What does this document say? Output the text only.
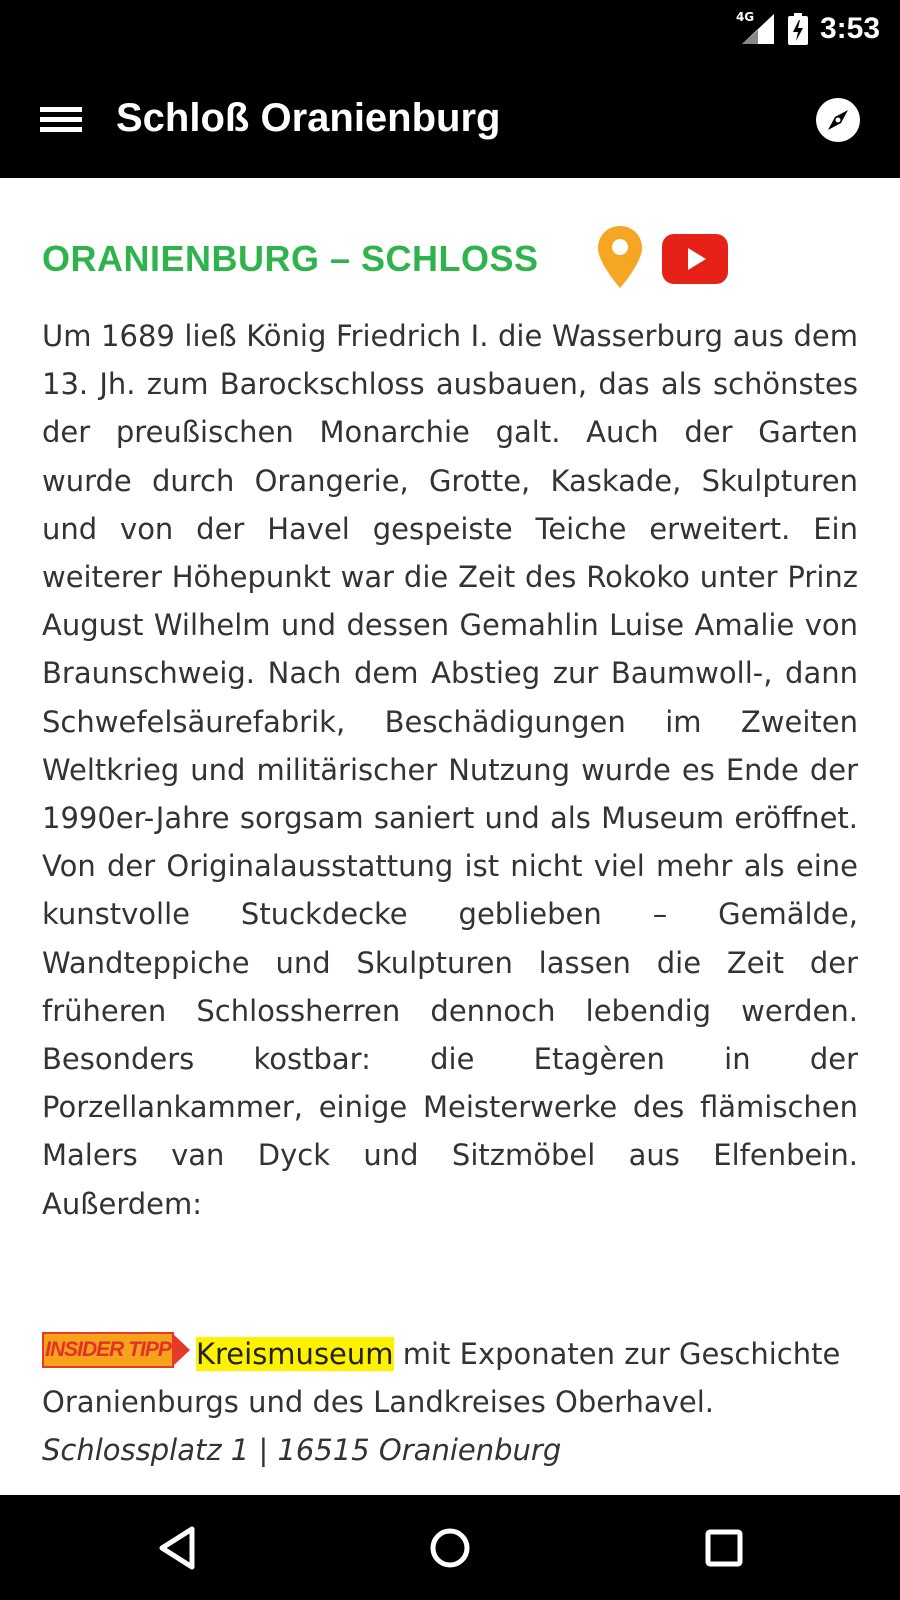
4G 3:53
Schloß Oranienburg
ORANIENBURG – SCHLOSS

Um 1689 ließ König Friedrich I. die Wasserburg aus dem 13. Jh. zum Barockschloss ausbauen, das als schönstes der preußischen Monarchie galt. Auch der Garten wurde durch Orangerie, Grotte, Kaskade, Skulpturen und von der Havel gespeiste Teiche erweitert. Ein weiterer Höhepunkt war die Zeit des Rokoko unter Prinz August Wilhelm und dessen Gemahlin Luise Amalie von Braunschweig. Nach dem Abstieg zur Baumwoll-, dann Schwefelsäurefabrik, Beschädigungen im Zweiten Weltkrieg und militärischer Nutzung wurde es Ende der 1990er-Jahre sorgsam saniert und als Museum eröffnet. Von der Originalausstattung ist nicht viel mehr als eine kunstvolle Stuckdecke geblieben – Gemälde, Wandteppiche und Skulpturen lassen die Zeit der früheren Schlossherren dennoch lebendig werden. Besonders kostbar: die Etagèren in der Porzellankammer, einige Meisterwerke des flämischen Malers van Dyck und Sitzmöbel aus Elfenbein. Außerdem:

INSIDER TIPP Kreismuseum mit Exponaten zur Geschichte Oranienburgs und des Landkreises Oberhavel. Schlossplatz 1 | 16515 Oranienburg
